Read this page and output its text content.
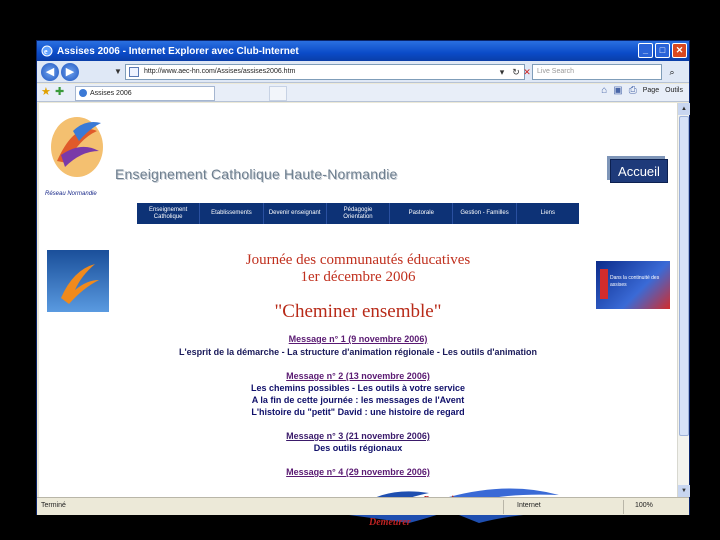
e Assises 2006 - Internet Explorer avec Club-Internet	_	□	✕
◀	▶	▼	http://www.aec-hn.com/Assises/assises2006.htm	▾ ↻ ✕ Live Search	⌕
★ ✚	Assises 2006	⌂ ▣ ⎙ Page Outils
Réseau Normandie
Enseignement Catholique Haute-Normandie	Accueil
Enseignement Catholique
Etablissements	Devenir enseignant
Pédagogie Orientation
Pastorale	Gestion - Familles	Liens
Dans la continuité des assises
Journée des communautés éducatives
1er décembre 2006
"Cheminer ensemble"
Message n° 1 (9 novembre 2006)
L'esprit de la démarche - La structure d'animation régionale - Les outils d'animation
Message n° 2 (13 novembre 2006)
Les chemins possibles - Les outils à votre service
A la fin de cette journée : les messages de l'Avent
L'histoire du "petit" David : une histoire de regard
Message n° 3 (21 novembre 2006)
Des outils régionaux
Message n° 4 (29 novembre 2006)
Demeurer
▲
▼
Terminé	Internet	100%
